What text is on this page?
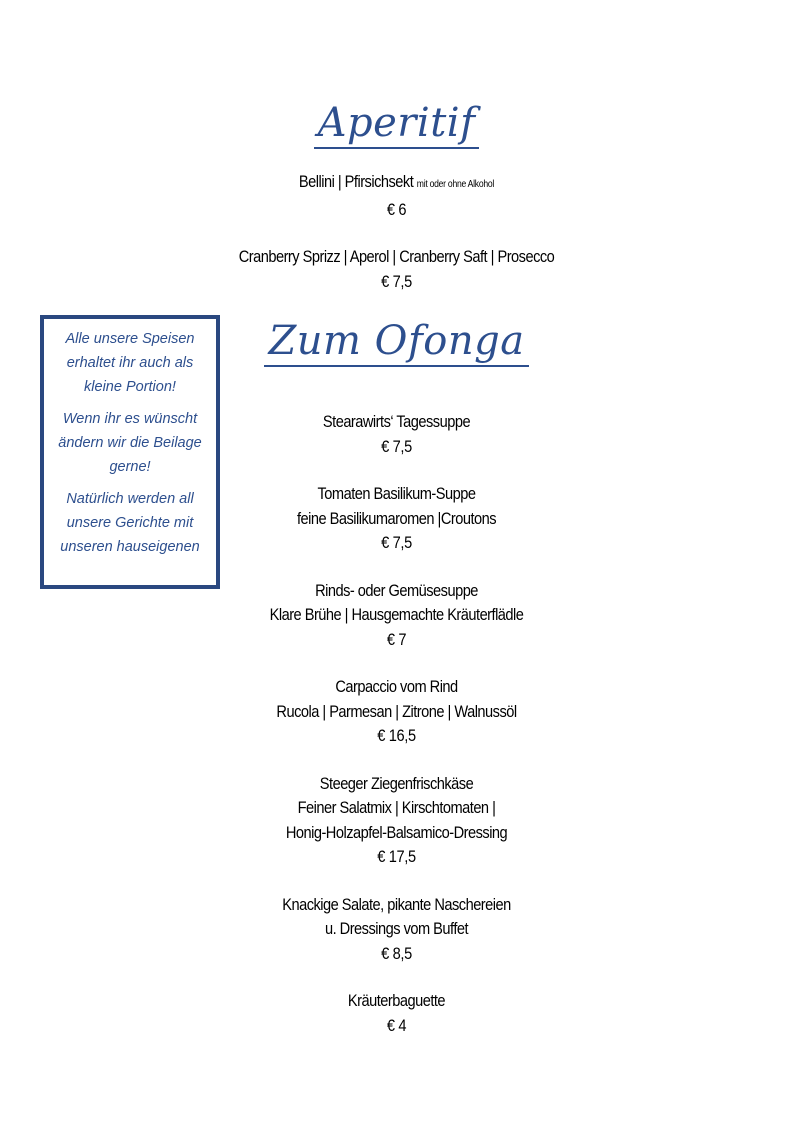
Aperitif
Bellini | Pfirsichsekt mit oder ohne Alkohol
€ 6
Cranberry Sprizz | Aperol | Cranberry Saft | Prosecco
€ 7,5
Zum Ofonga
Stearawirts‘ Tagessuppe
€ 7,5
Tomaten Basilikum-Suppe
feine Basilikumaromen |Croutons
€ 7,5
Rinds- oder Gemüsesuppe
Klare Brühe | Hausgemachte Kräuterflädle
€ 7
Carpaccio vom Rind
Rucola | Parmesan | Zitrone | Walnussöl
€ 16,5
Steeger Ziegenfrischkäse
Feiner Salatmix | Kirschtomaten |
Honig-Holzapfel-Balsamico-Dressing
€ 17,5
Knackige Salate, pikante Naschereien
u. Dressings vom Buffet
€ 8,5
Kräuterbaguette
€ 4

Alle unsere Speisen erhaltet ihr auch als kleine Portion!

Wenn ihr es wünscht ändern wir die Beilage gerne!

Natürlich werden all unsere Gerichte mit unseren hauseigenen
